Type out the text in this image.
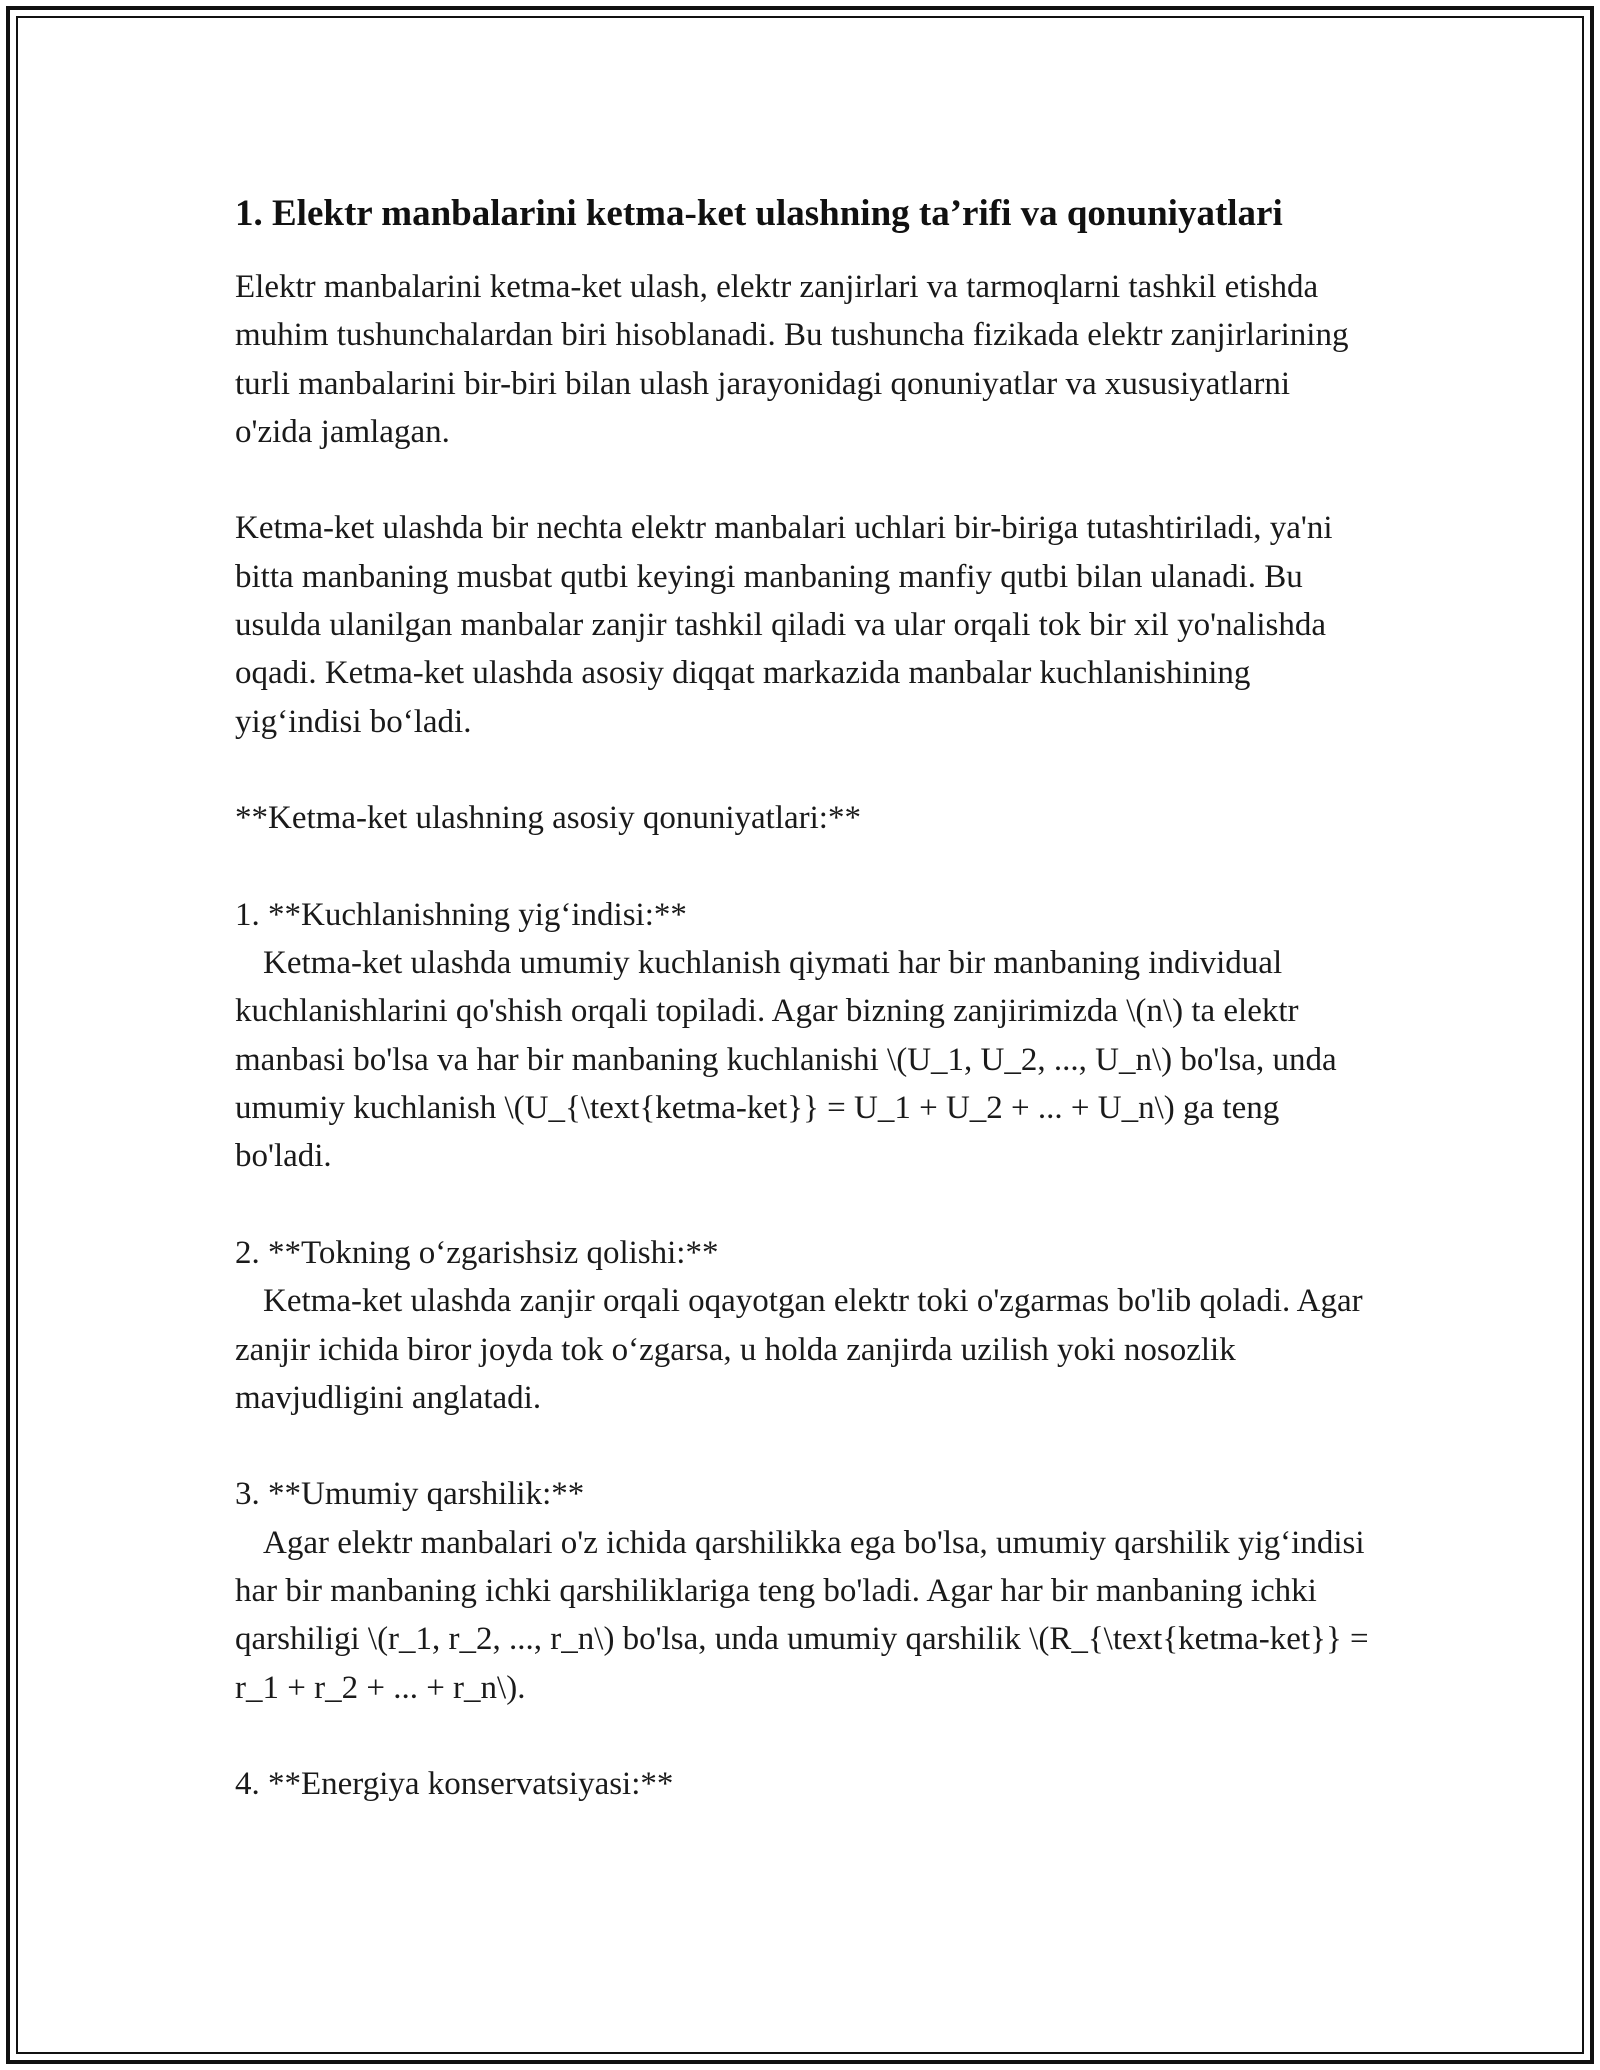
1. Elektr manbalarini ketma-ket ulashning ta’rifi va qonuniyatlari

Elektr manbalarini ketma-ket ulash, elektr zanjirlari va tarmoqlarni tashkil etishda muhim tushunchalardan biri hisoblanadi. Bu tushuncha fizikada elektr zanjirlarining turli manbalarini bir-biri bilan ulash jarayonidagi qonuniyatlar va xususiyatlarni o'zida jamlagan.

Ketma-ket ulashda bir nechta elektr manbalari uchlari bir-biriga tutashtiriladi, ya'ni bitta manbaning musbat qutbi keyingi manbaning manfiy qutbi bilan ulanadi. Bu usulda ulanilgan manbalar zanjir tashkil qiladi va ular orqali tok bir xil yo'nalishda oqadi. Ketma-ket ulashda asosiy diqqat markazida manbalar kuchlanishining yig‘indisi bo‘ladi.

**Ketma-ket ulashning asosiy qonuniyatlari:**

1. **Kuchlanishning yig‘indisi:**

Ketma-ket ulashda umumiy kuchlanish qiymati har bir manbaning individual kuchlanishlarini qo'shish orqali topiladi. Agar bizning zanjirimizda \(n\) ta elektr manbasi bo'lsa va har bir manbaning kuchlanishi \(U_1, U_2, ..., U_n\) bo'lsa, unda umumiy kuchlanish \(U_{\text{ketma-ket}} = U_1 + U_2 + ... + U_n\) ga teng bo'ladi.

2. **Tokning o‘zgarishsiz qolishi:**

Ketma-ket ulashda zanjir orqali oqayotgan elektr toki o'zgarmas bo'lib qoladi. Agar zanjir ichida biror joyda tok o‘zgarsa, u holda zanjirda uzilish yoki nosozlik mavjudligini anglatadi.

3. **Umumiy qarshilik:**

Agar elektr manbalari o'z ichida qarshilikka ega bo'lsa, umumiy qarshilik yig‘indisi har bir manbaning ichki qarshiliklariga teng bo'ladi. Agar har bir manbaning ichki qarshiligi \(r_1, r_2, ..., r_n\) bo'lsa, unda umumiy qarshilik \(R_{\text{ketma-ket}} = r_1 + r_2 + ... + r_n\).

4. **Energiya konservatsiyasi:**
